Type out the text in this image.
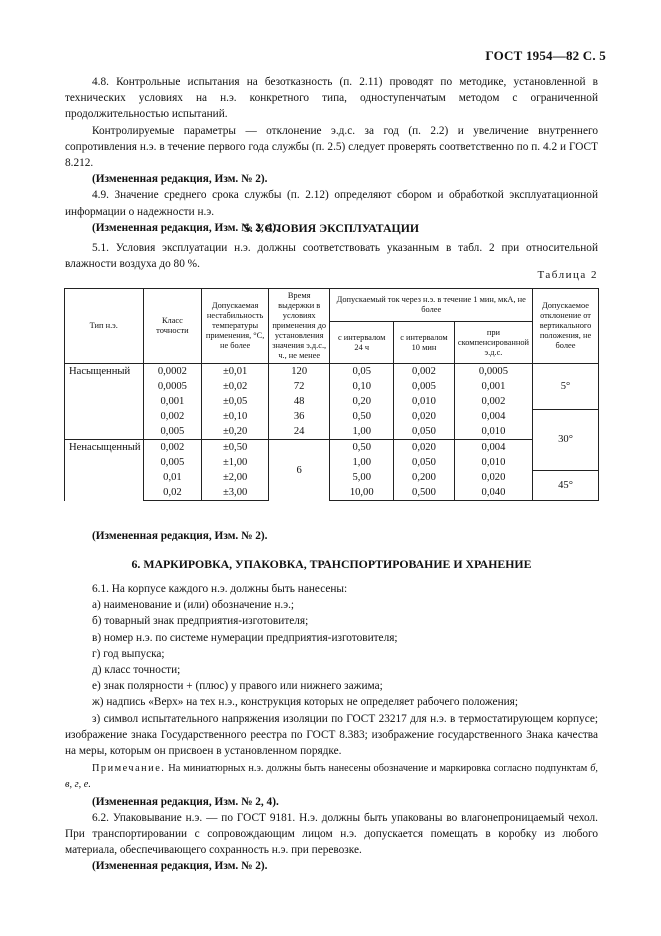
ГОСТ 1954—82 С. 5

4.8. Контрольные испытания на безотказность (п. 2.11) проводят по методике, установленной в технических условиях на н.э. конкретного типа, одноступенчатым методом с ограниченной продолжительностью испытаний.

Контролируемые параметры — отклонение э.д.с. за год (п. 2.2) и увеличение внутреннего сопротивления н.э. в течение первого года службы (п. 2.5) следует проверять соответственно по п. 4.2 и ГОСТ 8.212.

(Измененная редакция, Изм. № 2).

4.9. Значение среднего срока службы (п. 2.12) определяют сбором и обработкой эксплуатационной информации о надежности н.э.

(Измененная редакция, Изм. № 2, 4).

5. УСЛОВИЯ ЭКСПЛУАТАЦИИ

5.1. Условия эксплуатации н.э. должны соответствовать указанным в табл. 2 при относительной влажности воздуха до 80 %.

Таблица 2
Тип н.э.	Класс точности	Допускаемая нестабильность температуры применения, °С, не более	Время выдержки в условиях применения до установления значения э.д.с., ч., не менее	Допускаемый ток через н.э. в течение 1 мин, мкА, не более			Допускаемое отклонение от вертикального положения, не более
				с интервалом 24 ч	с интервалом 10 мин	при скомпенсированной э.д.с.	
Насыщенный	0,0002	±0,01	120	0,05	0,002	0,0005	5°
	0,0005	±0,02	72	0,10	0,005	0,001	
	0,001	±0,05	48	0,20	0,010	0,002	
	0,002	±0,10	36	0,50	0,020	0,004	30°
	0,005	±0,20	24	1,00	0,050	0,010	
Ненасыщенный	0,002	±0,50	6	0,50	0,020	0,004	
	0,005	±1,00		1,00	0,050	0,010	
	0,01	±2,00		5,00	0,200	0,020	45°
	0,02	±3,00		10,00	0,500	0,040	

(Измененная редакция, Изм. № 2).

6. МАРКИРОВКА, УПАКОВКА, ТРАНСПОРТИРОВАНИЕ И ХРАНЕНИЕ

6.1. На корпусе каждого н.э. должны быть нанесены:

а) наименование и (или) обозначение н.э.;

б) товарный знак предприятия-изготовителя;

в) номер н.э. по системе нумерации предприятия-изготовителя;

г) год выпуска;

д) класс точности;

е) знак полярности + (плюс) у правого или нижнего зажима;

ж) надпись «Верх» на тех н.э., конструкция которых не определяет рабочего положения;

з) символ испытательного напряжения изоляции по ГОСТ 23217 для н.э. в термостатирующем корпусе; изображение знака Государственного реестра по ГОСТ 8.383; изображение государственного Знака качества на меры, которым он присвоен в установленном порядке.

Примечание. На миниатюрных н.э. должны быть нанесены обозначение и маркировка согласно подпунктам б, в, г, е.

(Измененная редакция, Изм. № 2, 4).

6.2. Упаковывание н.э. — по ГОСТ 9181. Н.э. должны быть упакованы во влагонепроницаемый чехол. При транспортировании с сопровождающим лицом н.э. допускается помещать в коробку из любого материала, обеспечивающего сохранность н.э. при перевозке.

(Измененная редакция, Изм. № 2).
